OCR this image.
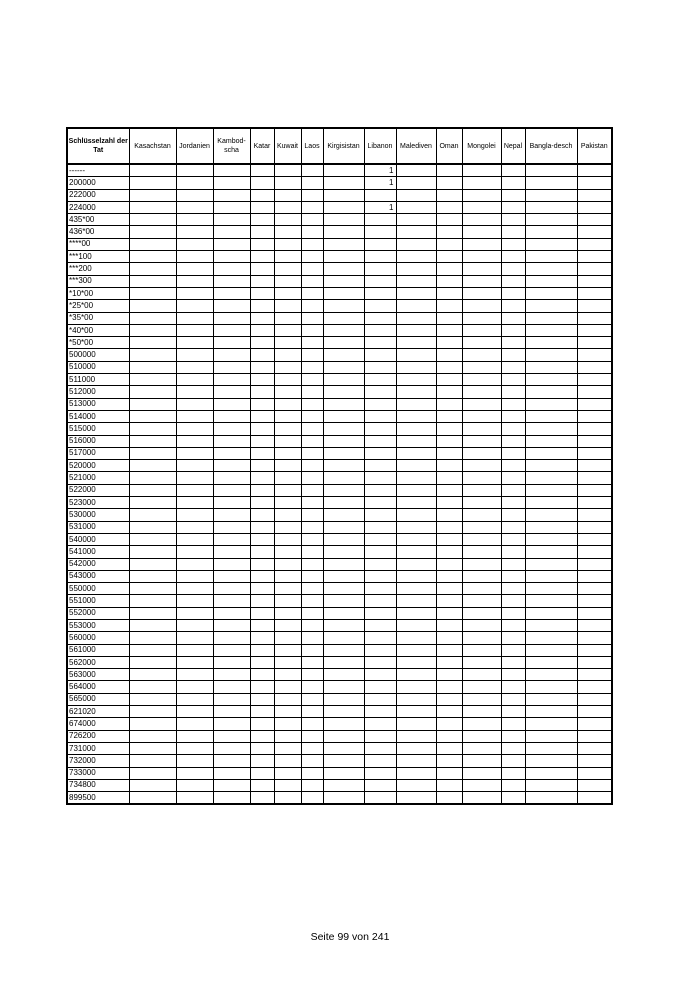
Schlüsselzahl der Tat	Kasachstan	Jordanien	Kambod-scha	Katar	Kuwait	Laos	Kirgisistan	Libanon	Malediven	Oman	Mongolei	Nepal	Bangla-desch	Pakistan
------								1						
200000								1						
222000														
224000								1						
435*00														
436*00														
****00														
***100														
***200														
***300														
*10*00														
*25*00														
*35*00														
*40*00														
*50*00														
500000														
510000														
511000														
512000														
513000														
514000														
515000														
516000														
517000														
520000														
521000														
522000														
523000														
530000														
531000														
540000														
541000														
542000														
543000														
550000														
551000														
552000														
553000														
560000														
561000														
562000														
563000														
564000														
565000														
621020														
674000														
726200														
731000														
732000														
733000														
734800														
899500														
Seite 99 von 241
